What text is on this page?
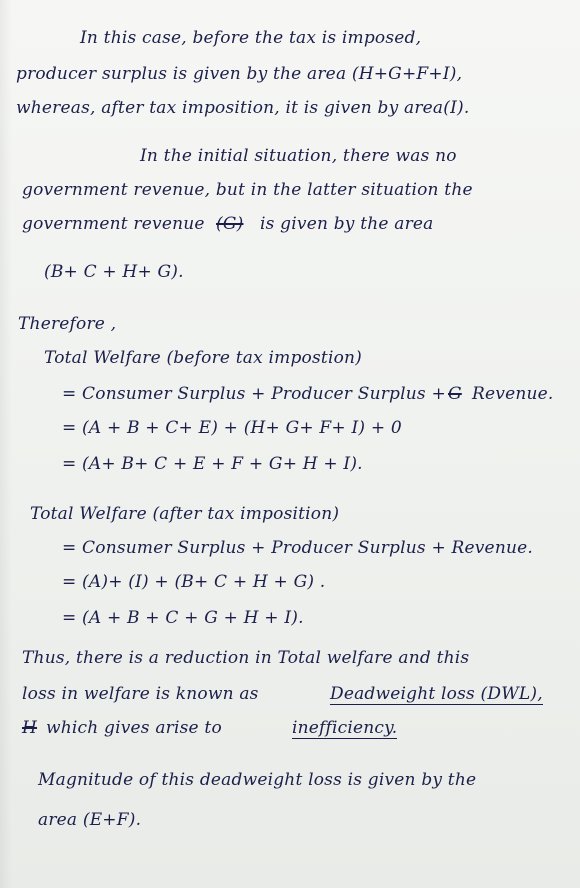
In this case, before the tax is imposed,
producer surplus is given by the area (H+G+F+I),
whereas, after tax imposition, it is given by area(I).
In the initial situation, there was no
government revenue, but in the latter situation the
government revenue (G) is given by the area
(B+ C + H+ G).
Therefore ,
Total Welfare (before tax impostion)
= Consumer Surplus + Producer Surplus + G Revenue.
= (A + B + C+ E) + (H+ G+ F+ I) + 0
= (A+ B+ C + E + F + G+ H + I).
Total Welfare (after tax imposition)
= Consumer Surplus + Producer Surplus + Revenue.
= (A)+ (I) + (B+ C + H + G) .
= (A + B + C + G + H + I).
Thus, there is a reduction in Total welfare and this
loss in welfare is known as	Deadweight loss (DWL),
H which gives arise to	inefficiency.
Magnitude of this deadweight loss is given by the
area (E+F).
